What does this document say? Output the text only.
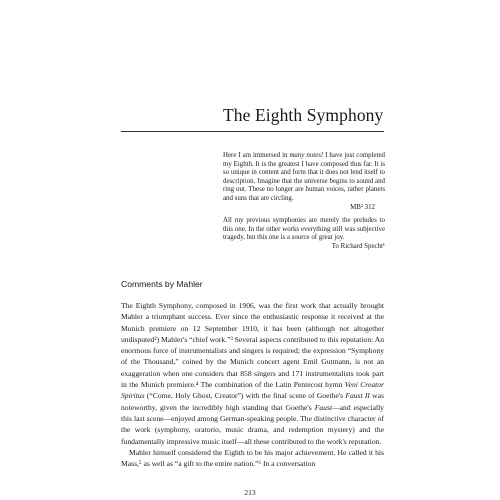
The Eighth Symphony
Here I am immersed in many notes! I have just completed my Eighth. It is the greatest I have composed thus far. It is so unique in content and form that it does not lend itself to description. Imagine that the universe begins to sound and ring out. These no longer are human voices, rather planets and suns that are circling.
MB² 312
All my previous symphonies are merely the preludes to this one. In the other works everything still was subjective tragedy, but this one is a source of great joy.
To Richard Specht¹
Comments by Mahler

The Eighth Symphony, composed in 1906, was the first work that actually brought Mahler a triumphant success. Ever since the enthusiastic response it received at the Munich premiere on 12 September 1910, it has been (although not altogether undisputed²) Mahler's “chief work.”³ Several aspects contributed to this reputation: An enormous force of instrumentalists and singers is required; the expression “Symphony of the Thousand,” coined by the Munich concert agent Emil Gutmann, is not an exaggeration when one considers that 858 singers and 171 instrumentalists took part in the Munich premiere.⁴ The combination of the Latin Pentecost hymn Veni Creator Spiritus (“Come, Holy Ghost, Creator”) with the final scene of Goethe's Faust II was noteworthy, given the incredibly high standing that Goethe's Faust—and especially this last scene—enjoyed among German-speaking people. The distinctive character of the work (symphony, oratorio, music drama, and redemption mystery) and the fundamentally impressive music itself—all these contributed to the work's reputation.

Mahler himself considered the Eighth to be his major achievement. He called it his Mass,⁵ as well as “a gift to the entire nation.”⁶ In a conversation

213
